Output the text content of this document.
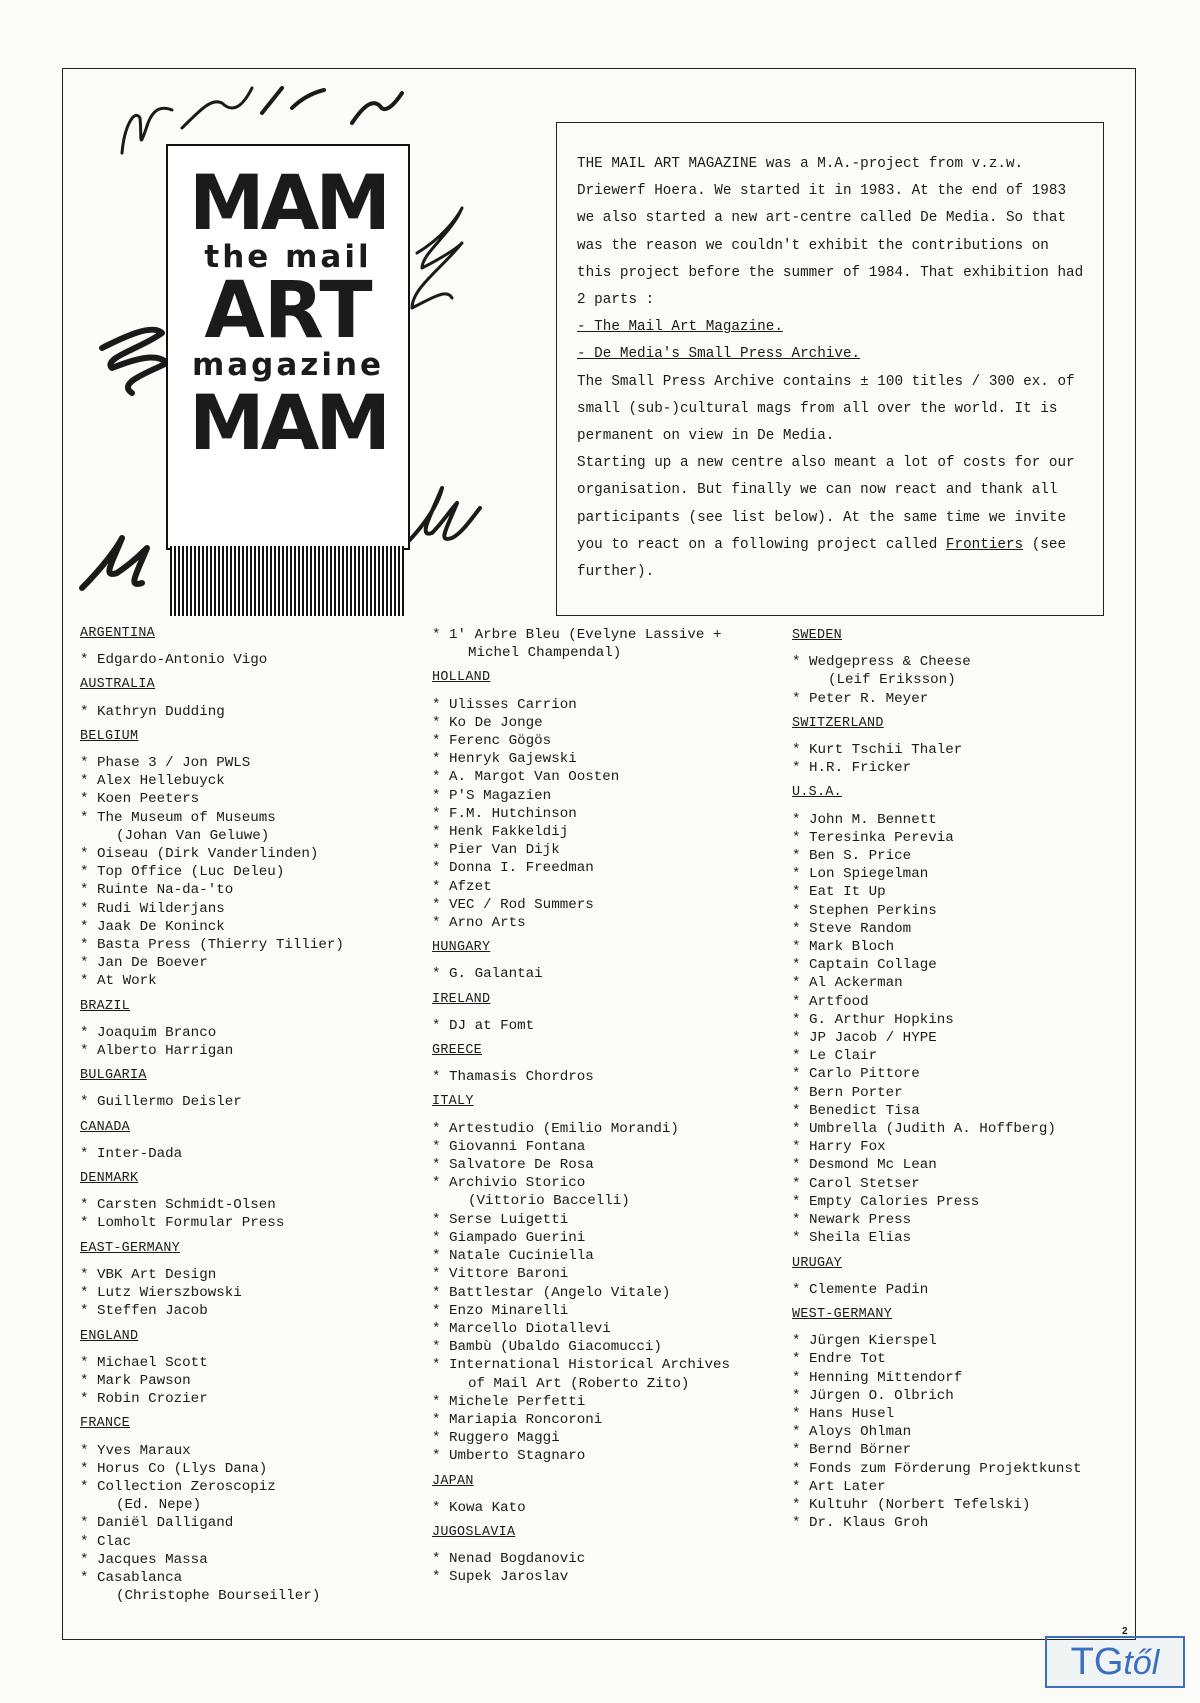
MAM
the mail
ART
magazine
MAM

THE MAIL ART MAGAZINE was a M.A.-project from v.z.w. Driewerf Hoera. We started it in 1983. At the end of 1983 we also started a new art-centre called De Media. So that was the reason we couldn't exhibit the contributions on this project before the summer of 1984. That exhibition had 2 parts :

- The Mail Art Magazine.

- De Media's Small Press Archive.

The Small Press Archive contains ± 100 titles / 300 ex. of small (sub-)cultural mags from all over the world. It is permanent on view in De Media.

Starting up a new centre also meant a lot of costs for our organisation. But finally we can now react and thank all participants (see list below). At the same time we invite you to react on a following project called Frontiers (see further).

ARGENTINA
* Edgardo-Antonio Vigo
AUSTRALIA
* Kathryn Dudding
BELGIUM
* Phase 3 / Jon PWLS
* Alex Hellebuyck
* Koen Peeters
* The Museum of Museums
(Johan Van Geluwe)
* Oiseau (Dirk Vanderlinden)
* Top Office (Luc Deleu)
* Ruinte Na-da-'to
* Rudi Wilderjans
* Jaak De Koninck
* Basta Press (Thierry Tillier)
* Jan De Boever
* At Work
BRAZIL
* Joaquim Branco
* Alberto Harrigan
BULGARIA
* Guillermo Deisler
CANADA
* Inter-Dada
DENMARK
* Carsten Schmidt-Olsen
* Lomholt Formular Press
EAST-GERMANY
* VBK Art Design
* Lutz Wierszbowski
* Steffen Jacob
ENGLAND
* Michael Scott
* Mark Pawson
* Robin Crozier
FRANCE
* Yves Maraux
* Horus Co (Llys Dana)
* Collection Zeroscopiz
(Ed. Nepe)
* Daniël Dalligand
* Clac
* Jacques Massa
* Casablanca
(Christophe Bourseiller)
* 1' Arbre Bleu (Evelyne Lassive +
Michel Champendal)
HOLLAND
* Ulisses Carrion
* Ko De Jonge
* Ferenc Gögös
* Henryk Gajewski
* A. Margot Van Oosten
* P'S Magazien
* F.M. Hutchinson
* Henk Fakkeldij
* Pier Van Dijk
* Donna I. Freedman
* Afzet
* VEC / Rod Summers
* Arno Arts
HUNGARY
* G. Galantai
IRELAND
* DJ at Fomt
GREECE
* Thamasis Chordros
ITALY
* Artestudio (Emilio Morandi)
* Giovanni Fontana
* Salvatore De Rosa
* Archivio Storico
(Vittorio Baccelli)
* Serse Luigetti
* Giampado Guerini
* Natale Cuciniella
* Vittore Baroni
* Battlestar (Angelo Vitale)
* Enzo Minarelli
* Marcello Diotallevi
* Bambù (Ubaldo Giacomucci)
* International Historical Archives
of Mail Art (Roberto Zito)
* Michele Perfetti
* Mariapia Roncoroni
* Ruggero Maggi
* Umberto Stagnaro
JAPAN
* Kowa Kato
JUGOSLAVIA
* Nenad Bogdanovic
* Supek Jaroslav
SWEDEN
* Wedgepress & Cheese
(Leif Eriksson)
* Peter R. Meyer
SWITZERLAND
* Kurt Tschii Thaler
* H.R. Fricker
U.S.A.
* John M. Bennett
* Teresinka Perevia
* Ben S. Price
* Lon Spiegelman
* Eat It Up
* Stephen Perkins
* Steve Random
* Mark Bloch
* Captain Collage
* Al Ackerman
* Artfood
* G. Arthur Hopkins
* JP Jacob / HYPE
* Le Clair
* Carlo Pittore
* Bern Porter
* Benedict Tisa
* Umbrella (Judith A. Hoffberg)
* Harry Fox
* Desmond Mc Lean
* Carol Stetser
* Empty Calories Press
* Newark Press
* Sheila Elias
URUGAY
* Clemente Padin
WEST-GERMANY
* Jürgen Kierspel
* Endre Tot
* Henning Mittendorf
* Jürgen O. Olbrich
* Hans Husel
* Aloys Ohlman
* Bernd Börner
* Fonds zum Förderung Projektkunst
* Art Later
* Kultuhr (Norbert Tefelski)
* Dr. Klaus Groh
2
TGtől
